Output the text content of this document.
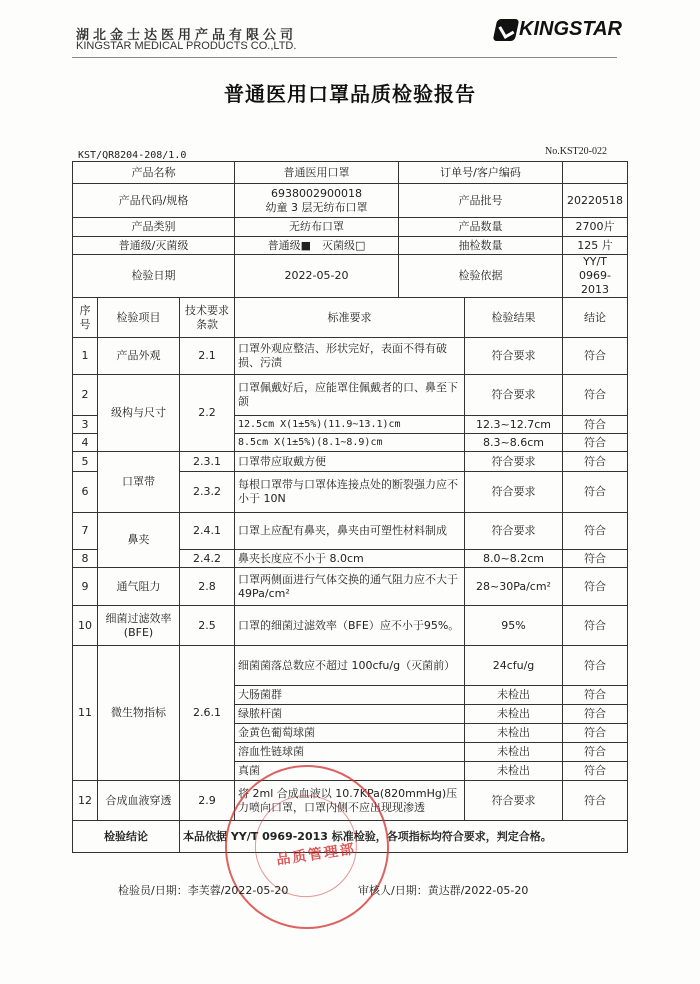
湖北金士达医用产品有限公司
KINGSTAR MEDICAL PRODUCTS CO.,LTD.
KINGSTAR
普通医用口罩品质检验报告
KST/QR8204-208/1.0	No.KST20-022
产品名称			普通医用口罩	订单号/客户编码		
产品代码/规格			6938002900018
幼童 3 层无纺布口罩	产品批号		20220518
产品类别			无纺布口罩	产品数量		2700片
普通级/灭菌级			普通级■　灭菌级□	抽检数量		125 片
检验日期			2022-05-20	检验依据		YY/T 0969-2013
序号	检验项目	技术要求条款	标准要求		检验结果	结论
1	产品外观	2.1	口罩外观应整洁、形状完好，表面不得有破损、污渍		符合要求	符合
2	级构与尺寸	2.2	口罩佩戴好后，应能罩住佩戴者的口、鼻至下颌		符合要求	符合
3			12.5cm X(1±5%)(11.9~13.1)cm		12.3~12.7cm	符合
4			8.5cm X(1±5%)(8.1~8.9)cm		8.3~8.6cm	符合
5	口罩带	2.3.1	口罩带应取戴方便		符合要求	符合
6		2.3.2	每根口罩带与口罩体连接点处的断裂强力应不小于 10N		符合要求	符合
7	鼻夹	2.4.1	口罩上应配有鼻夹，鼻夹由可塑性材料制成		符合要求	符合
8		2.4.2	鼻夹长度应不小于 8.0cm		8.0~8.2cm	符合
9	通气阻力	2.8	口罩两侧面进行气体交换的通气阻力应不大于 49Pa/cm²		28~30Pa/cm²	符合
10	细菌过滤效率(BFE)	2.5	口罩的细菌过滤效率（BFE）应不小于95%。		95%	符合
11	微生物指标	2.6.1	细菌菌落总数应不超过 100cfu/g（灭菌前）		24cfu/g	符合
			大肠菌群		未检出	符合
			绿脓杆菌		未检出	符合
			金黄色葡萄球菌		未检出	符合
			溶血性链球菌		未检出	符合
			真菌		未检出	符合
12	合成血液穿透	2.9	将 2ml 合成血液以 10.7KPa(820mmHg)压力喷向口罩，口罩内侧不应出现现渗透		符合要求	符合
检验结论		本品依据 YY/T 0969-2013 标准检验，各项指标均符合要求，判定合格。				
品质管理部
检验员/日期：李芙蓉/2022-05-20	审核人/日期：黄达群/2022-05-20
